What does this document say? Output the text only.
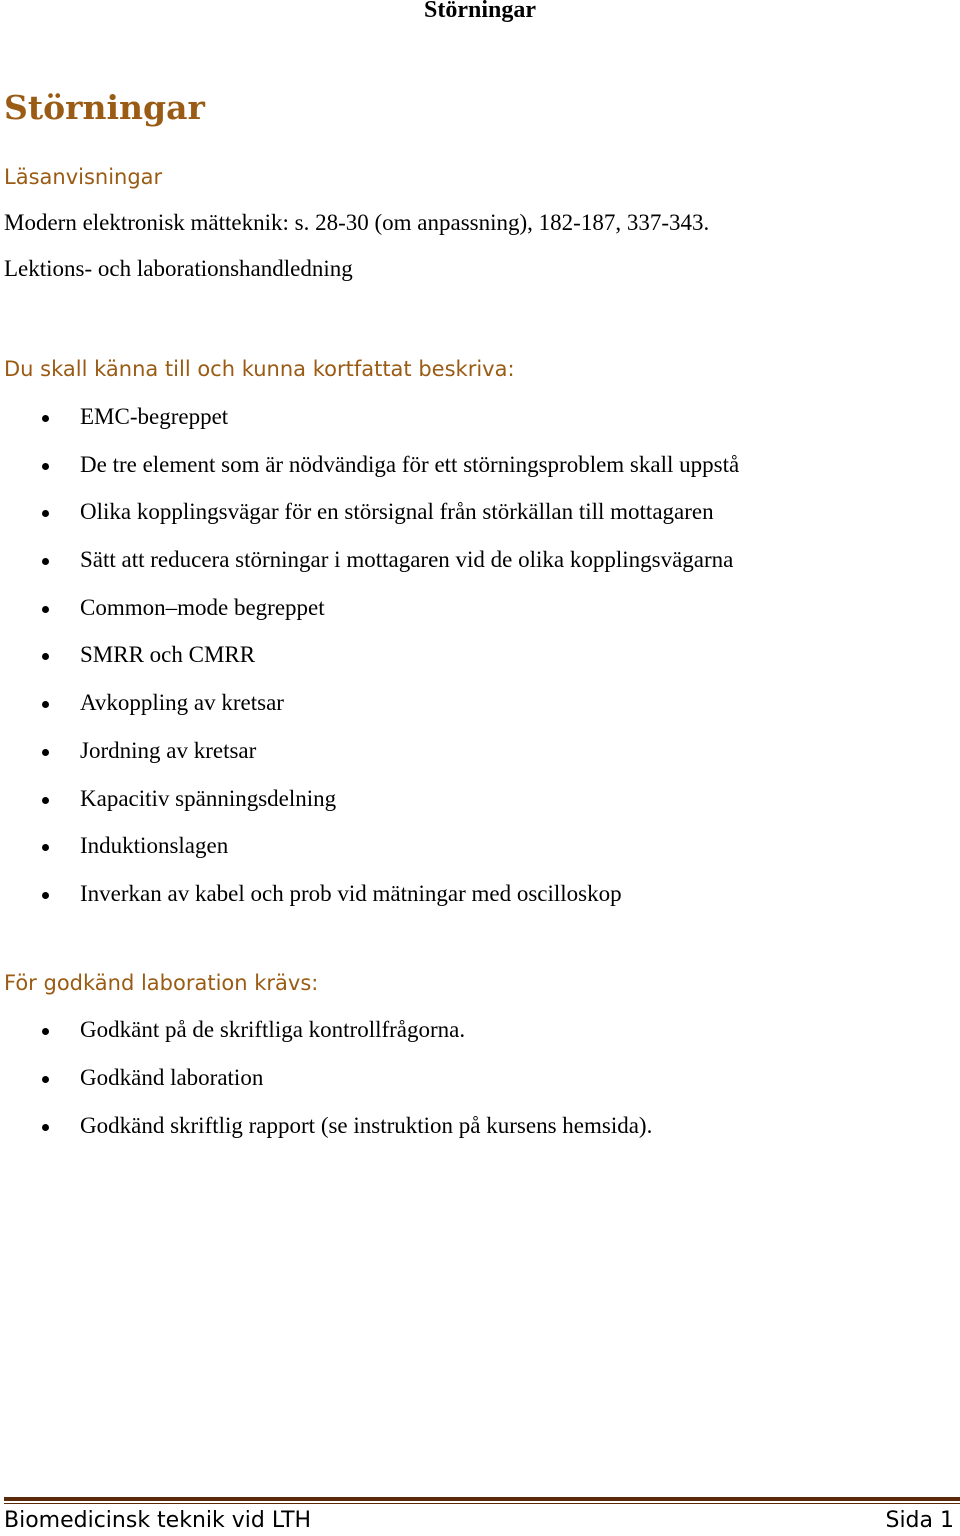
Störningar
Störningar
Läsanvisningar

Modern elektronisk mätteknik: s. 28-30 (om anpassning), 182-187, 337-343.

Lektions- och laborationshandledning

Du skall känna till och kunna kortfattat beskriva:
EMC-begreppet
De tre element som är nödvändiga för ett störningsproblem skall uppstå
Olika kopplingsvägar för en störsignal från störkällan till mottagaren
Sätt att reducera störningar i mottagaren vid de olika kopplingsvägarna
Common–mode begreppet
SMRR och CMRR
Avkoppling av kretsar
Jordning av kretsar
Kapacitiv spänningsdelning
Induktionslagen
Inverkan av kabel och prob vid mätningar med oscilloskop
För godkänd laboration krävs:
Godkänt på de skriftliga kontrollfrågorna.
Godkänd laboration
Godkänd skriftlig rapport (se instruktion på kursens hemsida).
Biomedicinsk teknik vid LTH	Sida 1
